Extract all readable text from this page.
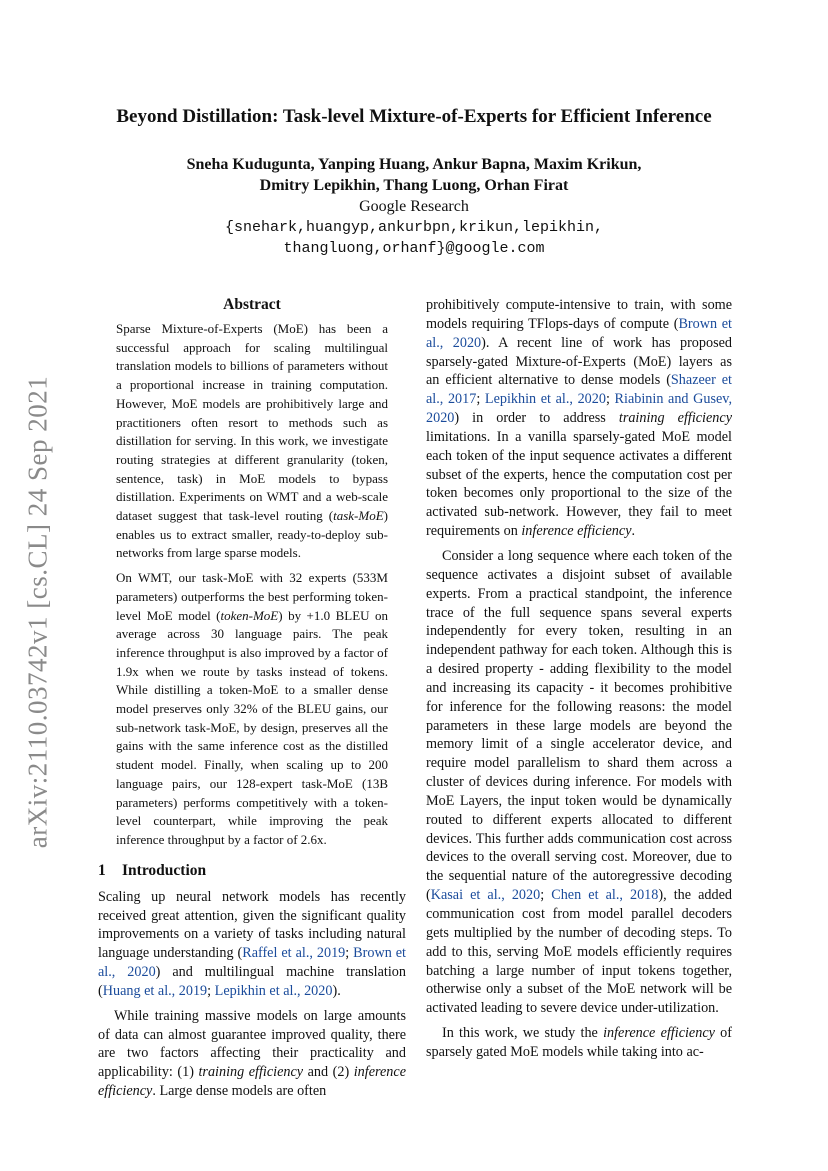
arXiv:2110.03742v1 [cs.CL] 24 Sep 2021
Beyond Distillation: Task-level Mixture-of-Experts for Efficient Inference
Sneha Kudugunta, Yanping Huang, Ankur Bapna, Maxim Krikun,
Dmitry Lepikhin, Thang Luong, Orhan Firat
Google Research
{snehark,huangyp,ankurbpn,krikun,lepikhin,
thangluong,orhanf}@google.com
Abstract

Sparse Mixture-of-Experts (MoE) has been a successful approach for scaling multilingual translation models to billions of parameters without a proportional increase in training computation. However, MoE models are prohibitively large and practitioners often resort to methods such as distillation for serving. In this work, we investigate routing strategies at different granularity (token, sentence, task) in MoE models to bypass distillation. Experiments on WMT and a web-scale dataset suggest that task-level routing (task-MoE) enables us to extract smaller, ready-to-deploy sub-networks from large sparse models.

On WMT, our task-MoE with 32 experts (533M parameters) outperforms the best performing token-level MoE model (token-MoE) by +1.0 BLEU on average across 30 language pairs. The peak inference throughput is also improved by a factor of 1.9x when we route by tasks instead of tokens. While distilling a token-MoE to a smaller dense model preserves only 32% of the BLEU gains, our sub-network task-MoE, by design, preserves all the gains with the same inference cost as the distilled student model. Finally, when scaling up to 200 language pairs, our 128-expert task-MoE (13B parameters) performs competitively with a token-level counterpart, while improving the peak inference throughput by a factor of 2.6x.

1	Introduction

Scaling up neural network models has recently received great attention, given the significant quality improvements on a variety of tasks including natural language understanding (Raffel et al., 2019; Brown et al., 2020) and multilingual machine translation (Huang et al., 2019; Lepikhin et al., 2020).

While training massive models on large amounts of data can almost guarantee improved quality, there are two factors affecting their practicality and applicability: (1) training efficiency and (2) inference efficiency. Large dense models are often

prohibitively compute-intensive to train, with some models requiring TFlops-days of compute (Brown et al., 2020). A recent line of work has proposed sparsely-gated Mixture-of-Experts (MoE) layers as an efficient alternative to dense models (Shazeer et al., 2017; Lepikhin et al., 2020; Riabinin and Gusev, 2020) in order to address training efficiency limitations. In a vanilla sparsely-gated MoE model each token of the input sequence activates a different subset of the experts, hence the computation cost per token becomes only proportional to the size of the activated sub-network. However, they fail to meet requirements on inference efficiency.

Consider a long sequence where each token of the sequence activates a disjoint subset of available experts. From a practical standpoint, the inference trace of the full sequence spans several experts independently for every token, resulting in an independent pathway for each token. Although this is a desired property - adding flexibility to the model and increasing its capacity - it becomes prohibitive for inference for the following reasons: the model parameters in these large models are beyond the memory limit of a single accelerator device, and require model parallelism to shard them across a cluster of devices during inference. For models with MoE Layers, the input token would be dynamically routed to different experts allocated to different devices. This further adds communication cost across devices to the overall serving cost. Moreover, due to the sequential nature of the autoregressive decoding (Kasai et al., 2020; Chen et al., 2018), the added communication cost from model parallel decoders gets multiplied by the number of decoding steps. To add to this, serving MoE models efficiently requires batching a large number of input tokens together, otherwise only a subset of the MoE network will be activated leading to severe device under-utilization.

In this work, we study the inference efficiency of sparsely gated MoE models while taking into ac-
